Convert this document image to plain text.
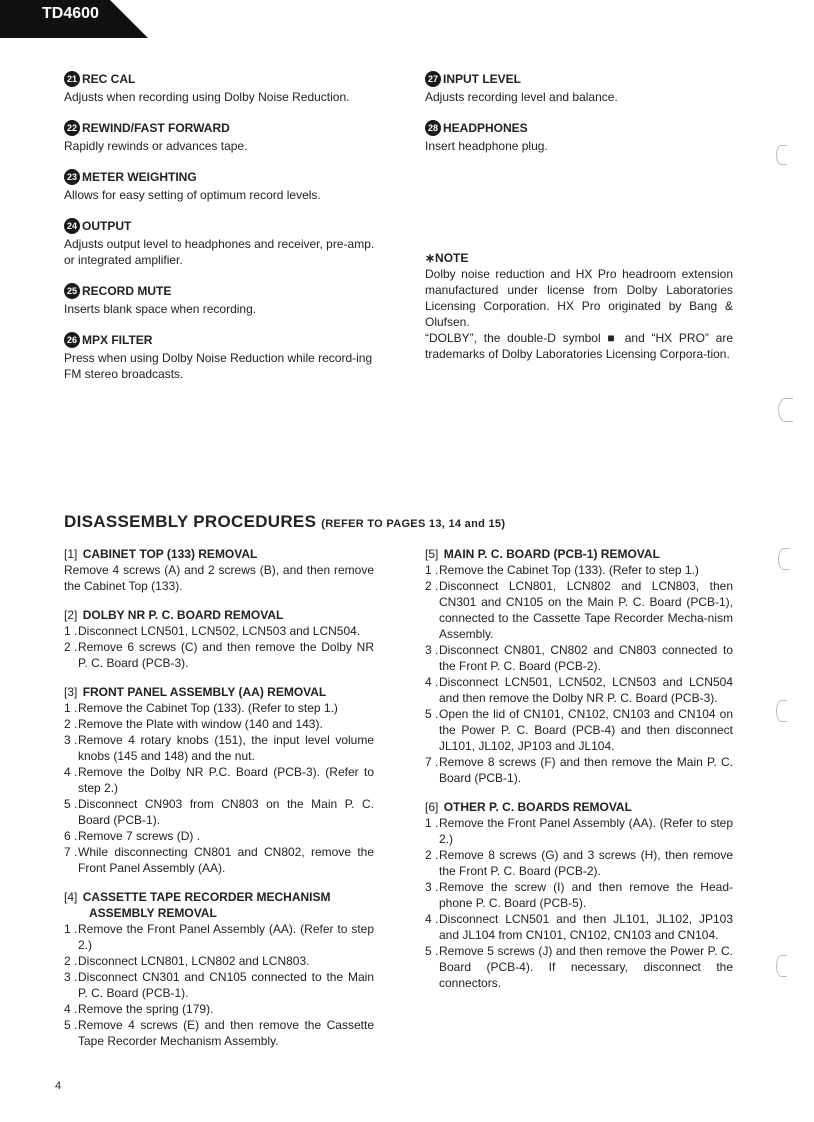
TD4600
21 REC CAL
Adjusts when recording using Dolby Noise Reduction.
22 REWIND/FAST FORWARD
Rapidly rewinds or advances tape.
23 METER WEIGHTING
Allows for easy setting of optimum record levels.
24 OUTPUT
Adjusts output level to headphones and receiver, pre-amp. or integrated amplifier.
25 RECORD MUTE
Inserts blank space when recording.
26 MPX FILTER
Press when using Dolby Noise Reduction while record-ing FM stereo broadcasts.
27 INPUT LEVEL
Adjusts recording level and balance.
28 HEADPHONES
Insert headphone plug.
∗NOTE

Dolby noise reduction and HX Pro headroom extension manufactured under license from Dolby Laboratories Licensing Corporation. HX Pro originated by Bang & Olufsen.

“DOLBY”, the double-D symbol ■ and “HX PRO” are trademarks of Dolby Laboratories Licensing Corpora-tion.

DISASSEMBLY PROCEDURES (REFER TO PAGES 13, 14 and 15)
[1] CABINET TOP (133) REMOVAL
Remove 4 screws (A) and 2 screws (B), and then remove the Cabinet Top (133).
[2] DOLBY NR P. C. BOARD REMOVAL
1 . Disconnect LCN501, LCN502, LCN503 and LCN504.
2 . Remove 6 screws (C) and then remove the Dolby NR P. C. Board (PCB-3).
[3] FRONT PANEL ASSEMBLY (AA) REMOVAL
1 . Remove the Cabinet Top (133). (Refer to step 1.)
2 . Remove the Plate with window (140 and 143).
3 . Remove 4 rotary knobs (151), the input level volume knobs (145 and 148) and the nut.
4 . Remove the Dolby NR P.C. Board (PCB-3). (Refer to step 2.)
5 . Disconnect CN903 from CN803 on the Main P. C. Board (PCB-1).
6 . Remove 7 screws (D) .
7 . While disconnecting CN801 and CN802, remove the Front Panel Assembly (AA).
[4] CASSETTE TAPE RECORDER MECHANISM
ASSEMBLY REMOVAL
1 . Remove the Front Panel Assembly (AA). (Refer to step 2.)
2 . Disconnect LCN801, LCN802 and LCN803.
3 . Disconnect CN301 and CN105 connected to the Main P. C. Board (PCB-1).
4 . Remove the spring (179).
5 . Remove 4 screws (E) and then remove the Cassette Tape Recorder Mechanism Assembly.
[5] MAIN P. C. BOARD (PCB-1) REMOVAL
1 . Remove the Cabinet Top (133). (Refer to step 1.)
2 . Disconnect LCN801, LCN802 and LCN803, then CN301 and CN105 on the Main P. C. Board (PCB-1), connected to the Cassette Tape Recorder Mecha-nism Assembly.
3 . Disconnect CN801, CN802 and CN803 connected to the Front P. C. Board (PCB-2).
4 . Disconnect LCN501, LCN502, LCN503 and LCN504 and then remove the Dolby NR P. C. Board (PCB-3).
5 . Open the lid of CN101, CN102, CN103 and CN104 on the Power P. C. Board (PCB-4) and then disconnect JL101, JL102, JP103 and JL104.
7 . Remove 8 screws (F) and then remove the Main P. C. Board (PCB-1).
[6] OTHER P. C. BOARDS REMOVAL
1 . Remove the Front Panel Assembly (AA). (Refer to step 2.)
2 . Remove 8 screws (G) and 3 screws (H), then remove the Front P. C. Board (PCB-2).
3 . Remove the screw (I) and then remove the Head-phone P. C. Board (PCB-5).
4 . Disconnect LCN501 and then JL101, JL102, JP103 and JL104 from CN101, CN102, CN103 and CN104.
5 . Remove 5 screws (J) and then remove the Power P. C. Board (PCB-4). If necessary, disconnect the connectors.
4
